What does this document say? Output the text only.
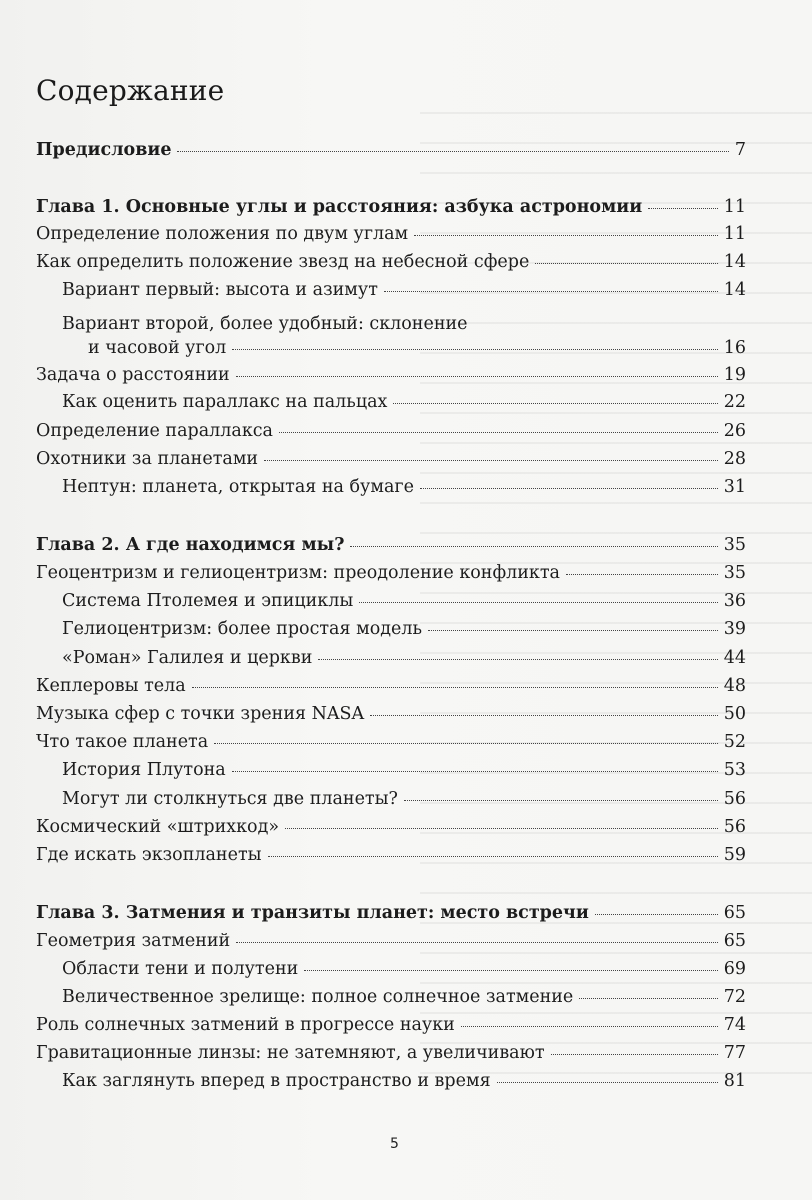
Содержание
Предисловие	7
Глава 1. Основные углы и расстояния: азбука астрономии	11
Определение положения по двум углам	11
Как определить положение звезд на небесной сфере	14
Вариант первый: высота и азимут	14
Вариант второй, более удобный: склонение
и часовой угол	16
Задача о расстоянии	19
Как оценить параллакс на пальцах	22
Определение параллакса	26
Охотники за планетами	28
Нептун: планета, открытая на бумаге	31
Глава 2. А где находимся мы?	35
Геоцентризм и гелиоцентризм: преодоление конфликта	35
Система Птолемея и эпициклы	36
Гелиоцентризм: более простая модель	39
«Роман» Галилея и церкви	44
Кеплеровы тела	48
Музыка сфер с точки зрения NASA	50
Что такое планета	52
История Плутона	53
Могут ли столкнуться две планеты?	56
Космический «штрихкод»	56
Где искать экзопланеты	59
Глава 3. Затмения и транзиты планет: место встречи	65
Геометрия затмений	65
Области тени и полутени	69
Величественное зрелище: полное солнечное затмение	72
Роль солнечных затмений в прогрессе науки	74
Гравитационные линзы: не затемняют, а увеличивают	77
Как заглянуть вперед в пространство и время	81
5
